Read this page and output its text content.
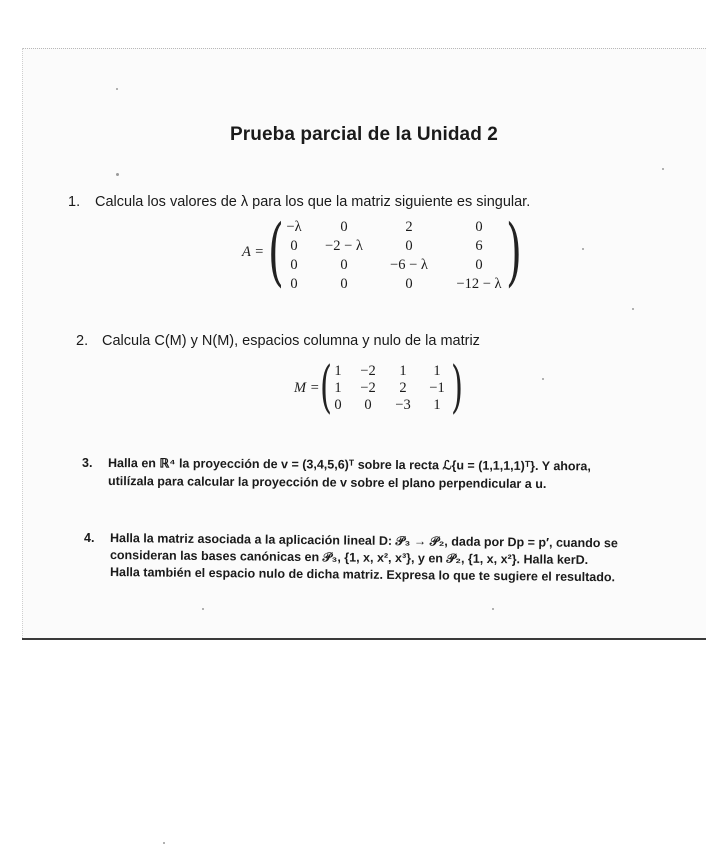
Prueba parcial de la Unidad 2
1. Calcula los valores de λ para los que la matriz siguiente es singular.
A = (	)
−λ	0	2	0
0	−2 − λ	0	6
0	0	−6 − λ	0
0	0	0	−12 − λ
2. Calcula C(M) y N(M), espacios columna y nulo de la matriz
M = ( )
1	−2	1	1
1	−2	2	−1
0	0	−3	1
3. Halla en ℝ⁴ la proyección de v = (3,4,5,6)ᵀ sobre la recta ℒ{u = (1,1,1,1)ᵀ}. Y ahora,
utilízala para calcular la proyección de v sobre el plano perpendicular a u.
4. Halla la matriz asociada a la aplicación lineal D: 𝒫₃ → 𝒫₂, dada por Dp = p′, cuando se
consideran las bases canónicas en 𝒫₃, {1, x, x², x³}, y en 𝒫₂, {1, x, x²}. Halla kerD.
Halla también el espacio nulo de dicha matriz. Expresa lo que te sugiere el resultado.
